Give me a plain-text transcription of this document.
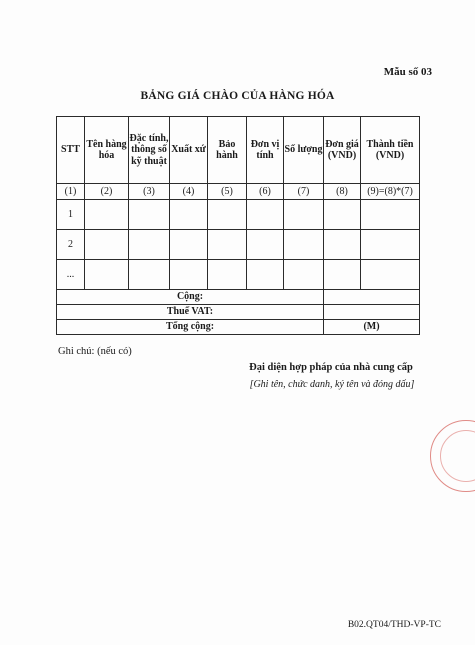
Mẫu số 03
BẢNG GIÁ CHÀO CỦA HÀNG HÓA
STT	Tên hàng hóa	Đặc tính, thông số kỹ thuật	Xuất xứ	Bảo hành	Đơn vị tính	Số lượng	Đơn giá (VND)	Thành tiền (VND)
(1)	(2)	(3)	(4)	(5)	(6)	(7)	(8)	(9)=(8)*(7)
1								
2								
...								
Cộng:								
Thuế VAT:								
Tổng cộng:							(M)	
Ghi chú: (nếu có)
Đại diện hợp pháp của nhà cung cấp
[Ghi tên, chức danh, ký tên và đóng dấu]
B02.QT04/THD-VP-TC
